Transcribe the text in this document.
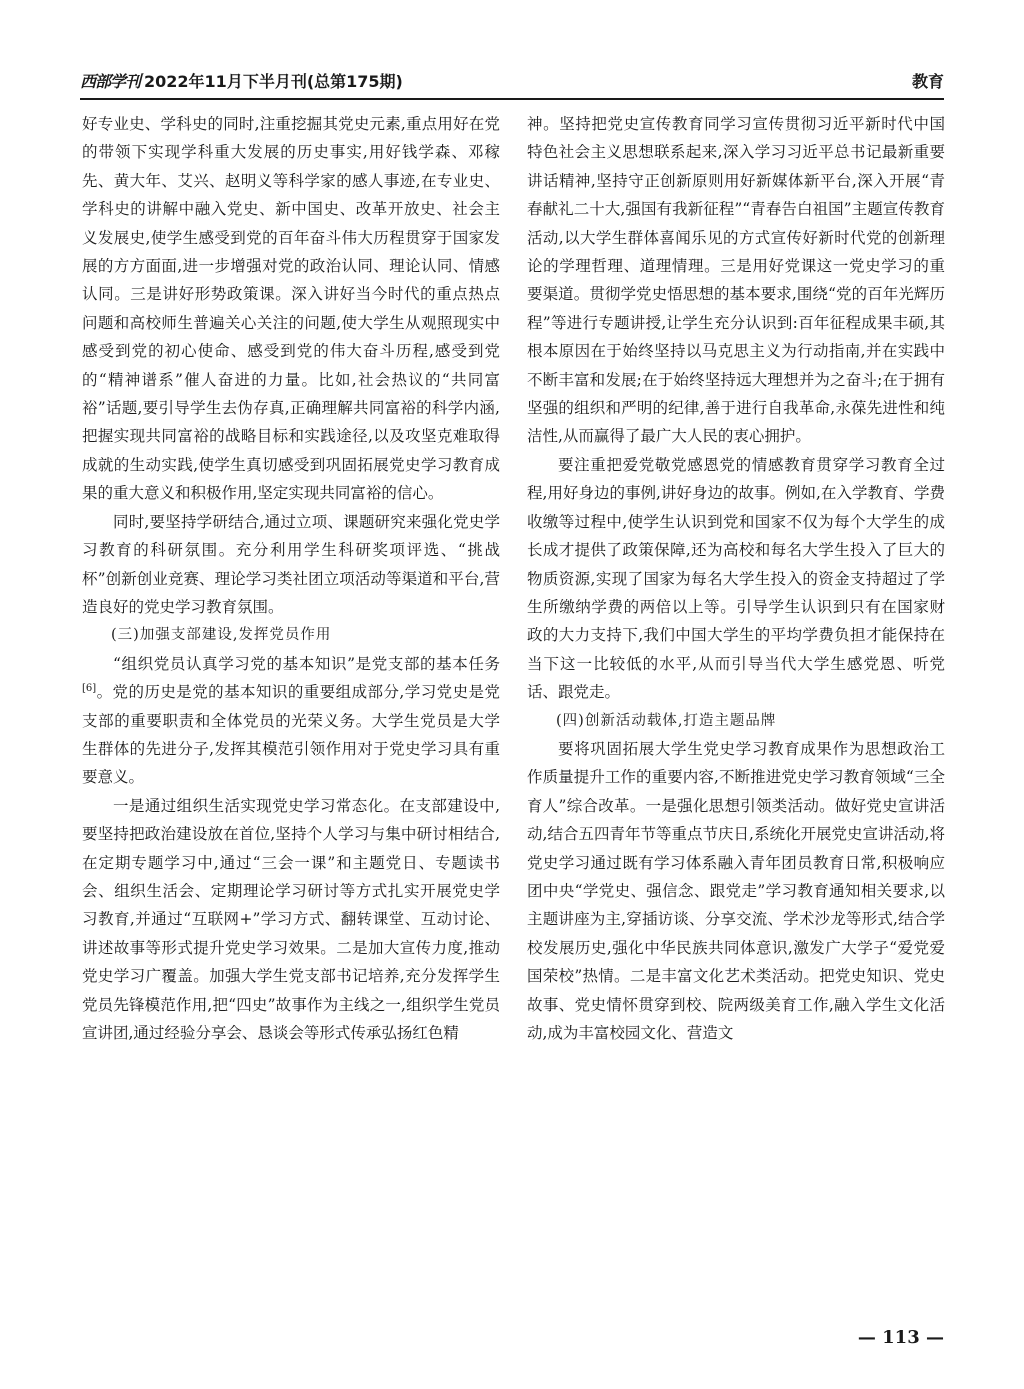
西部学刊 2022年11月下半月刊(总第175期)	教育

好专业史、学科史的同时,注重挖掘其党史元素,重点用好在党的带领下实现学科重大发展的历史事实,用好钱学森、邓稼先、黄大年、艾兴、赵明义等科学家的感人事迹,在专业史、学科史的讲解中融入党史、新中国史、改革开放史、社会主义发展史,使学生感受到党的百年奋斗伟大历程贯穿于国家发展的方方面面,进一步增强对党的政治认同、理论认同、情感认同。三是讲好形势政策课。深入讲好当今时代的重点热点问题和高校师生普遍关心关注的问题,使大学生从观照现实中感受到党的初心使命、感受到党的伟大奋斗历程,感受到党的“精神谱系”催人奋进的力量。比如,社会热议的“共同富裕”话题,要引导学生去伪存真,正确理解共同富裕的科学内涵,把握实现共同富裕的战略目标和实践途径,以及攻坚克难取得成就的生动实践,使学生真切感受到巩固拓展党史学习教育成果的重大意义和积极作用,坚定实现共同富裕的信心。

同时,要坚持学研结合,通过立项、课题研究来强化党史学习教育的科研氛围。充分利用学生科研奖项评选、“挑战杯”创新创业竞赛、理论学习类社团立项活动等渠道和平台,营造良好的党史学习教育氛围。

(三)加强支部建设,发挥党员作用

“组织党员认真学习党的基本知识”是党支部的基本任务[6]。党的历史是党的基本知识的重要组成部分,学习党史是党支部的重要职责和全体党员的光荣义务。大学生党员是大学生群体的先进分子,发挥其模范引领作用对于党史学习具有重要意义。

一是通过组织生活实现党史学习常态化。在支部建设中,要坚持把政治建设放在首位,坚持个人学习与集中研讨相结合,在定期专题学习中,通过“三会一课”和主题党日、专题读书会、组织生活会、定期理论学习研讨等方式扎实开展党史学习教育,并通过“互联网+”学习方式、翻转课堂、互动讨论、讲述故事等形式提升党史学习效果。二是加大宣传力度,推动党史学习广覆盖。加强大学生党支部书记培养,充分发挥学生党员先锋模范作用,把“四史”故事作为主线之一,组织学生党员宣讲团,通过经验分享会、恳谈会等形式传承弘扬红色精

神。坚持把党史宣传教育同学习宣传贯彻习近平新时代中国特色社会主义思想联系起来,深入学习习近平总书记最新重要讲话精神,坚持守正创新原则用好新媒体新平台,深入开展“青春献礼二十大,强国有我新征程”“青春告白祖国”主题宣传教育活动,以大学生群体喜闻乐见的方式宣传好新时代党的创新理论的学理哲理、道理情理。三是用好党课这一党史学习的重要渠道。贯彻学党史悟思想的基本要求,围绕“党的百年光辉历程”等进行专题讲授,让学生充分认识到:百年征程成果丰硕,其根本原因在于始终坚持以马克思主义为行动指南,并在实践中不断丰富和发展;在于始终坚持远大理想并为之奋斗;在于拥有坚强的组织和严明的纪律,善于进行自我革命,永葆先进性和纯洁性,从而赢得了最广大人民的衷心拥护。

要注重把爱党敬党感恩党的情感教育贯穿学习教育全过程,用好身边的事例,讲好身边的故事。例如,在入学教育、学费收缴等过程中,使学生认识到党和国家不仅为每个大学生的成长成才提供了政策保障,还为高校和每名大学生投入了巨大的物质资源,实现了国家为每名大学生投入的资金支持超过了学生所缴纳学费的两倍以上等。引导学生认识到只有在国家财政的大力支持下,我们中国大学生的平均学费负担才能保持在当下这一比较低的水平,从而引导当代大学生感党恩、听党话、跟党走。

(四)创新活动载体,打造主题品牌

要将巩固拓展大学生党史学习教育成果作为思想政治工作质量提升工作的重要内容,不断推进党史学习教育领域“三全育人”综合改革。一是强化思想引领类活动。做好党史宣讲活动,结合五四青年节等重点节庆日,系统化开展党史宣讲活动,将党史学习通过既有学习体系融入青年团员教育日常,积极响应团中央“学党史、强信念、跟党走”学习教育通知相关要求,以主题讲座为主,穿插访谈、分享交流、学术沙龙等形式,结合学校发展历史,强化中华民族共同体意识,激发广大学子“爱党爱国荣校”热情。二是丰富文化艺术类活动。把党史知识、党史故事、党史情怀贯穿到校、院两级美育工作,融入学生文化活动,成为丰富校园文化、营造文

— 113 —
